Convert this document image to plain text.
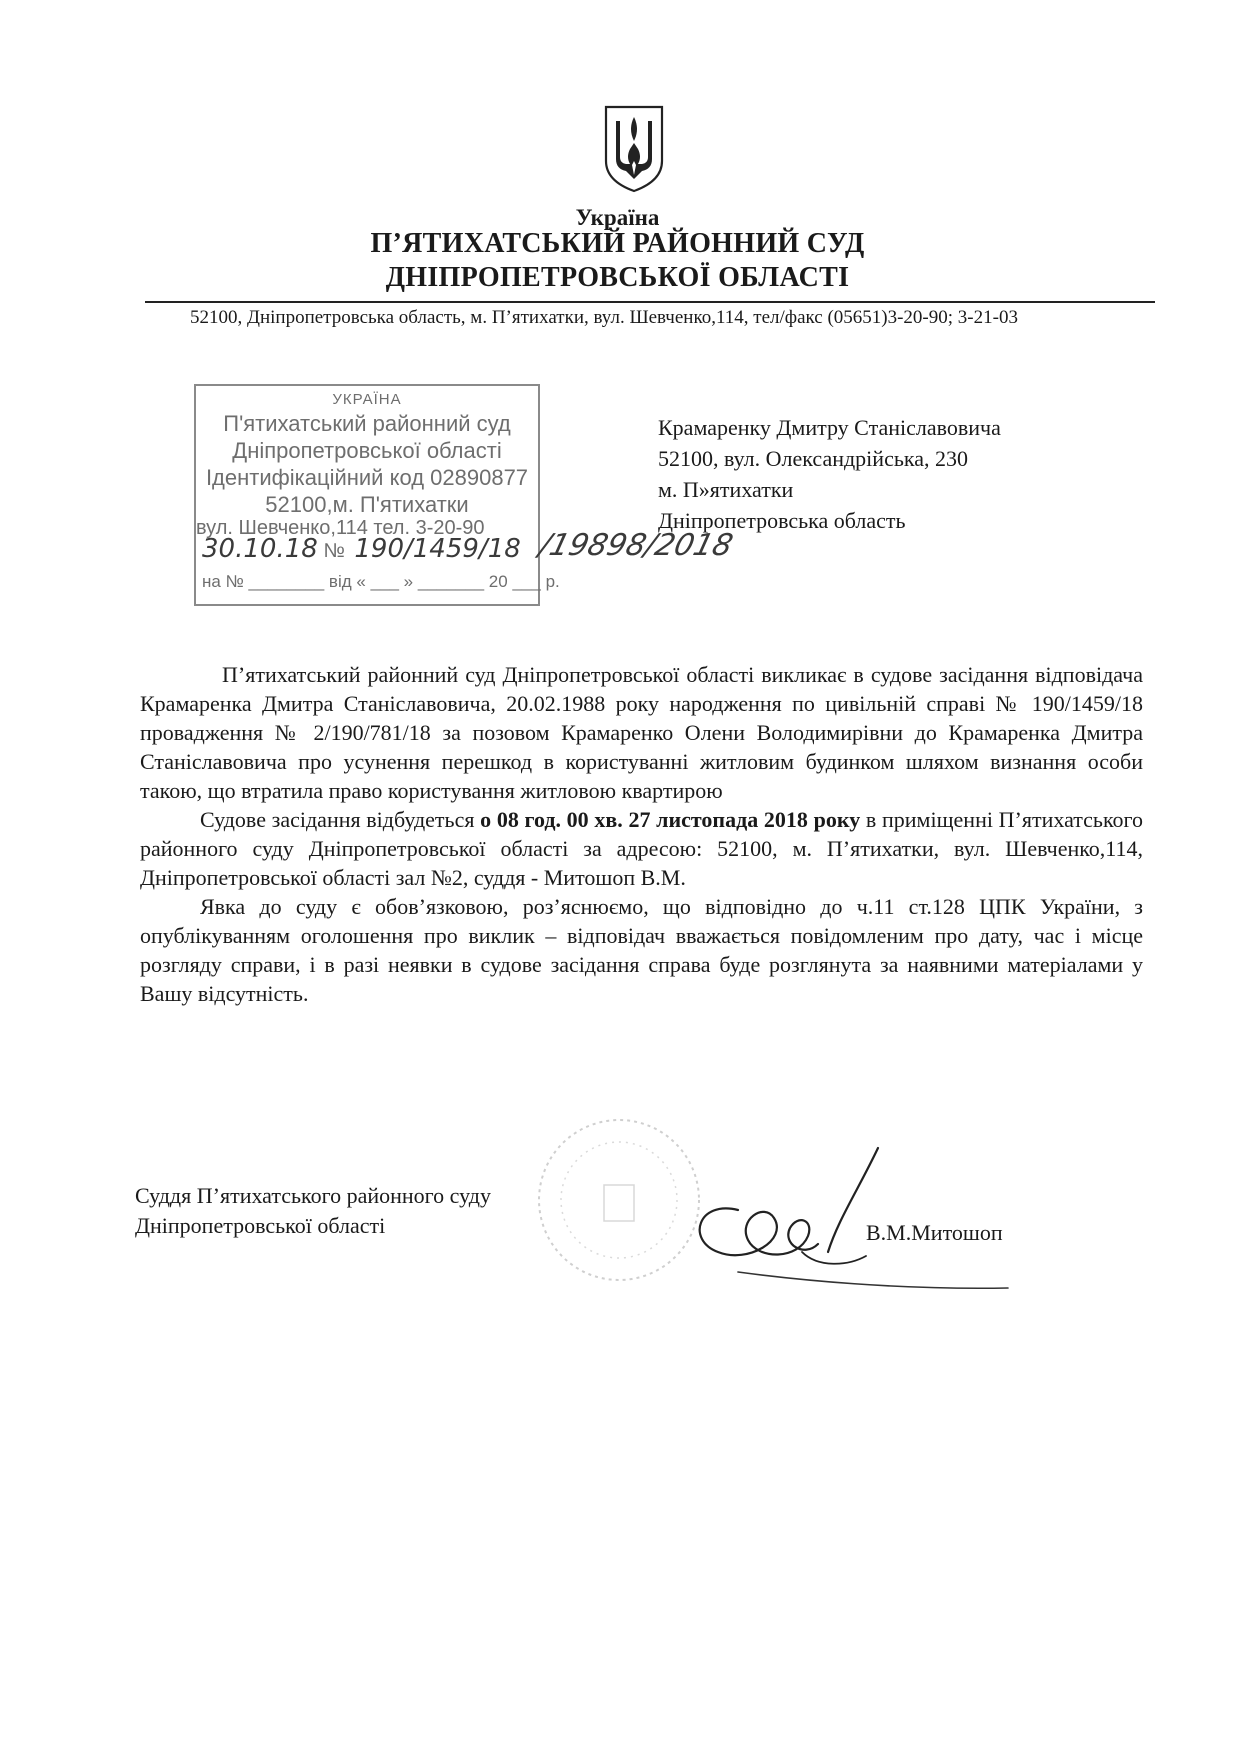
Україна
П’ЯТИХАТСЬКИЙ РАЙОННИЙ СУД
ДНІПРОПЕТРОВСЬКОЇ ОБЛАСТІ
52100, Дніпропетровська область, м. П’ятихатки, вул. Шевченко,114, тел/факс (05651)3-20-90; 3-21-03
УКРАЇНА
П'ятихатський районний суд
Дніпропетровської області
Ідентифікаційний код 02890877
52100,м. П'ятихатки
30.10.18 № 190/1459/18
на № ________ від « ___ » _______ 20 ___ р.
вул. Шевченко,114 тел. 3-20-90	/19898/2018
Крамаренку Дмитру Станіславовича
52100, вул. Олександрійська, 230
м. П»ятихатки
Дніпропетровська область

П’ятихатський районний суд Дніпропетровської області викликає в судове засідання відповідача Крамаренка Дмитра Станіславовича, 20.02.1988 року народження по цивільній справі № 190/1459/18 провадження № 2/190/781/18 за позовом Крамаренко Олени Володимирівни до Крамаренка Дмитра Станіславовича про усунення перешкод в користуванні житловим будинком шляхом визнання особи такою, що втратила право користування житловою квартирою

Судове засідання відбудеться о 08 год. 00 хв. 27 листопада 2018 року в приміщенні П’ятихатського районного суду Дніпропетровської області за адресою: 52100, м. П’ятихатки, вул. Шевченко,114, Дніпропетровської області зал №2, суддя - Митошоп В.М.

Явка до суду є обов’язковою, роз’яснюємо, що відповідно до ч.11 ст.128 ЦПК України, з опублікуванням оголошення про виклик – відповідач вважається повідомленим про дату, час і місце розгляду справи, і в разі неявки в судове засідання справа буде розглянута за наявними матеріалами у Вашу відсутність.

Суддя П’ятихатського районного суду
Дніпропетровської області	В.М.Митошоп
